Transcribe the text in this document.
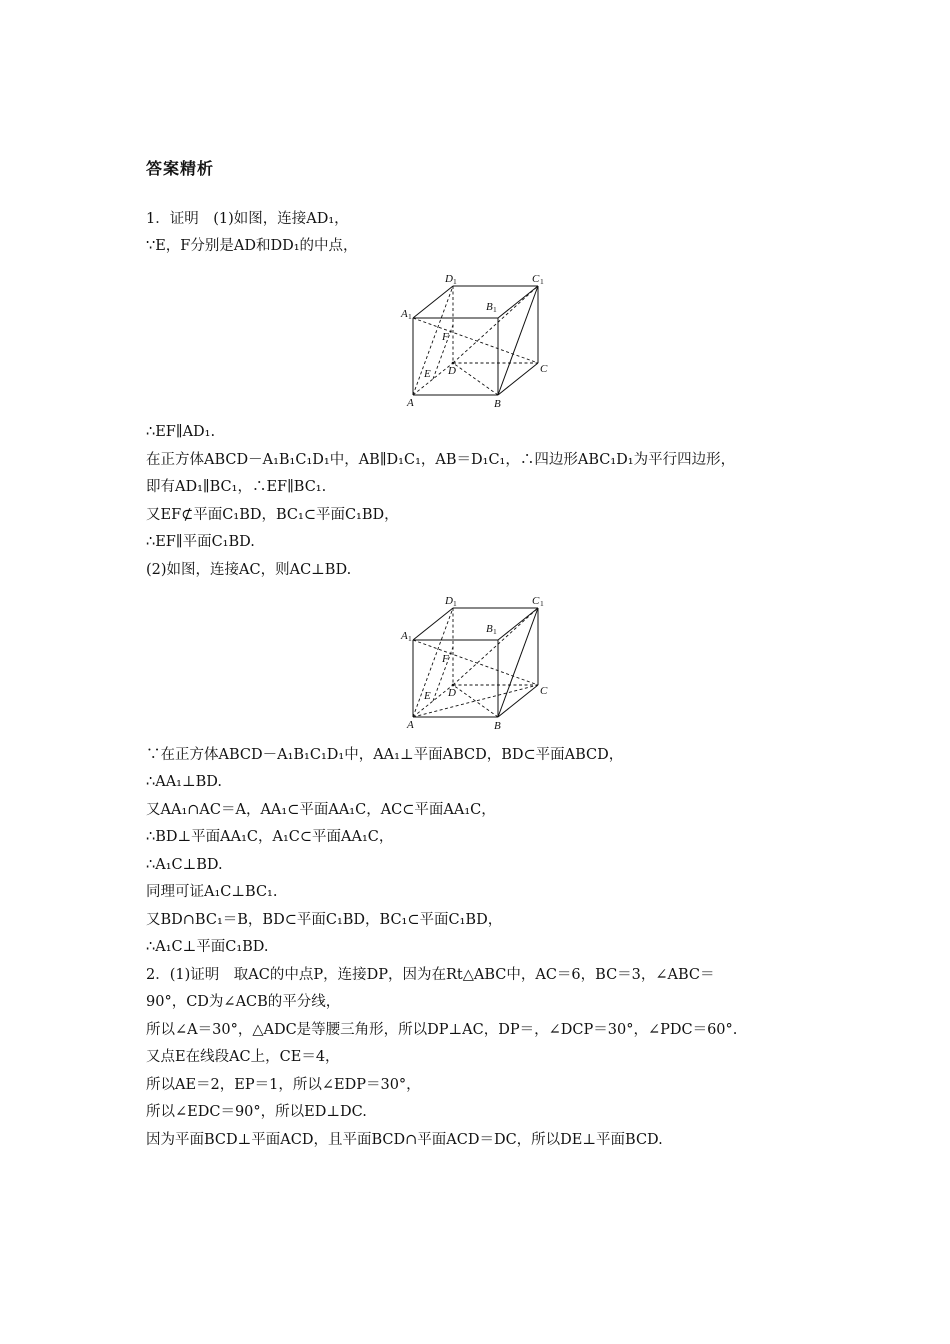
答案精析
1．证明　(1)如图，连接AD₁，
∵E，F分别是AD和DD₁的中点，
D 1	C 1
A 1
B 1
F
E D	C
A	B
∴EF∥AD₁.
在正方体ABCD－A₁B₁C₁D₁中，AB∥D₁C₁，AB＝D₁C₁，∴四边形ABC₁D₁为平行四边形，
即有AD₁∥BC₁，∴EF∥BC₁.
又EF⊄平面C₁BD，BC₁⊂平面C₁BD，
∴EF∥平面C₁BD.
(2)如图，连接AC，则AC⊥BD.
D 1	C 1
A 1
B 1
F
E D	C
A	B
∵在正方体ABCD－A₁B₁C₁D₁中，AA₁⊥平面ABCD，BD⊂平面ABCD，
∴AA₁⊥BD.
又AA₁∩AC＝A，AA₁⊂平面AA₁C，AC⊂平面AA₁C，
∴BD⊥平面AA₁C，A₁C⊂平面AA₁C，
∴A₁C⊥BD.
同理可证A₁C⊥BC₁.
又BD∩BC₁＝B，BD⊂平面C₁BD，BC₁⊂平面C₁BD，
∴A₁C⊥平面C₁BD.
2．(1)证明　取AC的中点P，连接DP，因为在Rt△ABC中，AC＝6，BC＝3，∠ABC＝
90°，CD为∠ACB的平分线，
所以∠A＝30°，△ADC是等腰三角形，所以DP⊥AC，DP＝，∠DCP＝30°，∠PDC＝60°.
又点E在线段AC上，CE＝4，
所以AE＝2，EP＝1，所以∠EDP＝30°，
所以∠EDC＝90°，所以ED⊥DC.
因为平面BCD⊥平面ACD，且平面BCD∩平面ACD＝DC，所以DE⊥平面BCD.
